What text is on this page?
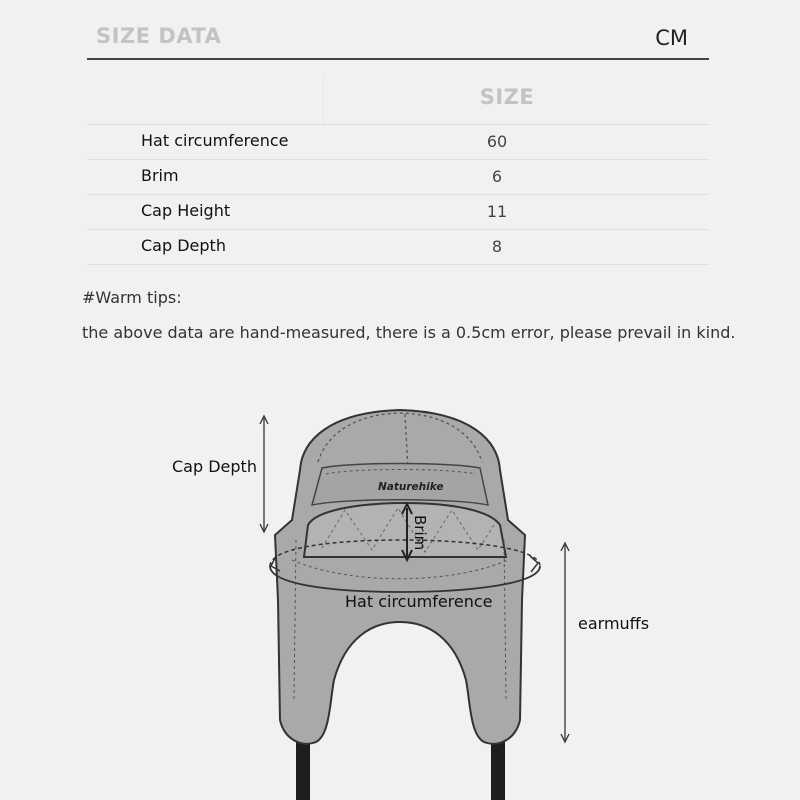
SIZE DATA	CM
SIZE
Hat circumference	60
Brim	6
Cap Height	11
Cap Depth	8
#Warm tips:
the above data are hand-measured, there is a 0.5cm error, please prevail in kind.
Naturehike
Brim
Cap Depth
Hat circumference
earmuffs
